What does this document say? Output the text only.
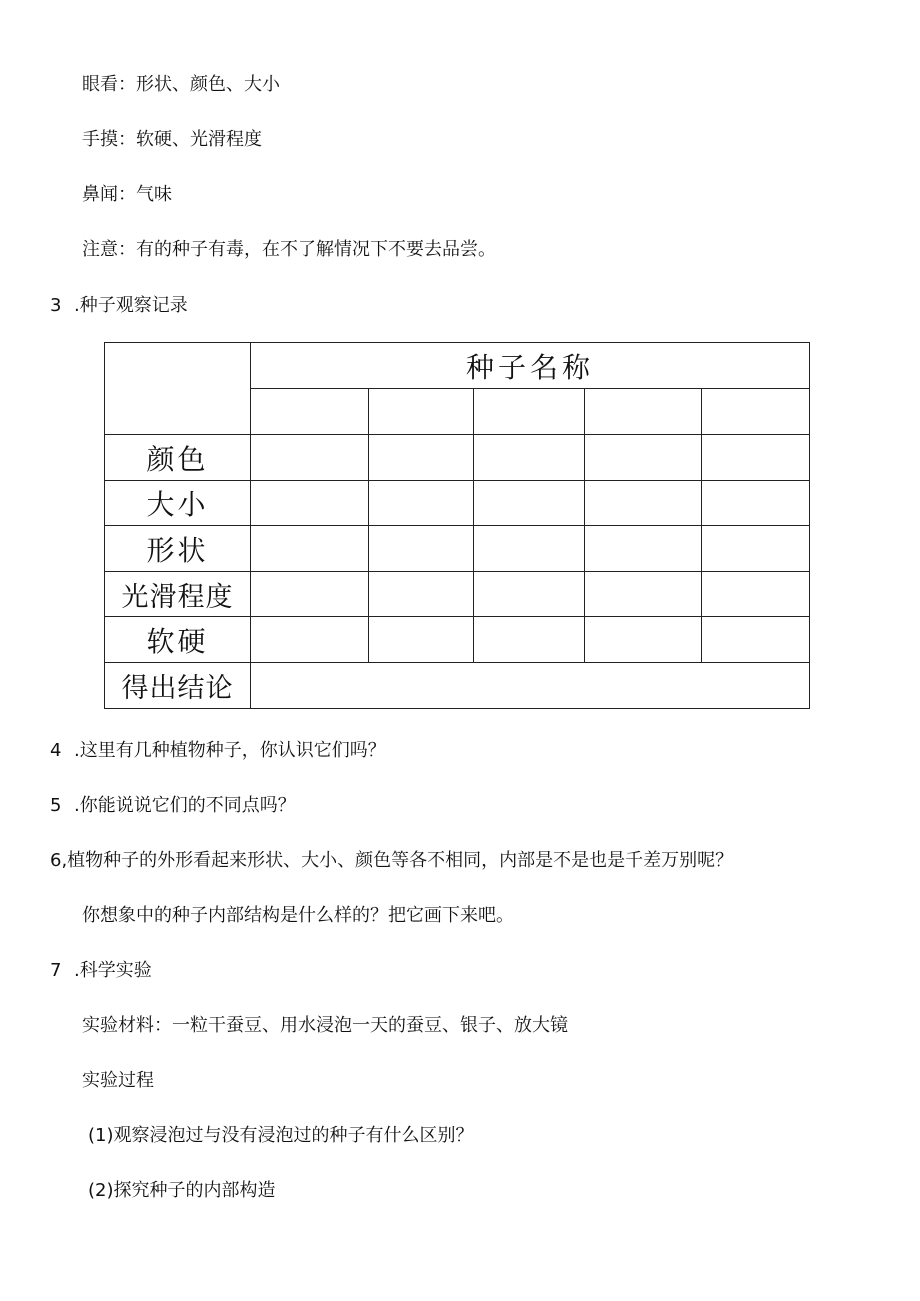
眼看：形状、颜色、大小
手摸：软硬、光滑程度
鼻闻：气味
注意：有的种子有毒，在不了解情况下不要去品尝。
3 .种子观察记录
	种子名称				

颜色					
大小					
形状					
光滑程度					
软硬					
得出结论					
4 .这里有几种植物种子，你认识它们吗？
5 .你能说说它们的不同点吗？
6,植物种子的外形看起来形状、大小、颜色等各不相同，内部是不是也是千差万别呢？
你想象中的种子内部结构是什么样的？把它画下来吧。
7 .科学实验
实验材料：一粒干蚕豆、用水浸泡一天的蚕豆、银子、放大镜
实验过程
(1)观察浸泡过与没有浸泡过的种子有什么区别？
(2)探究种子的内部构造
